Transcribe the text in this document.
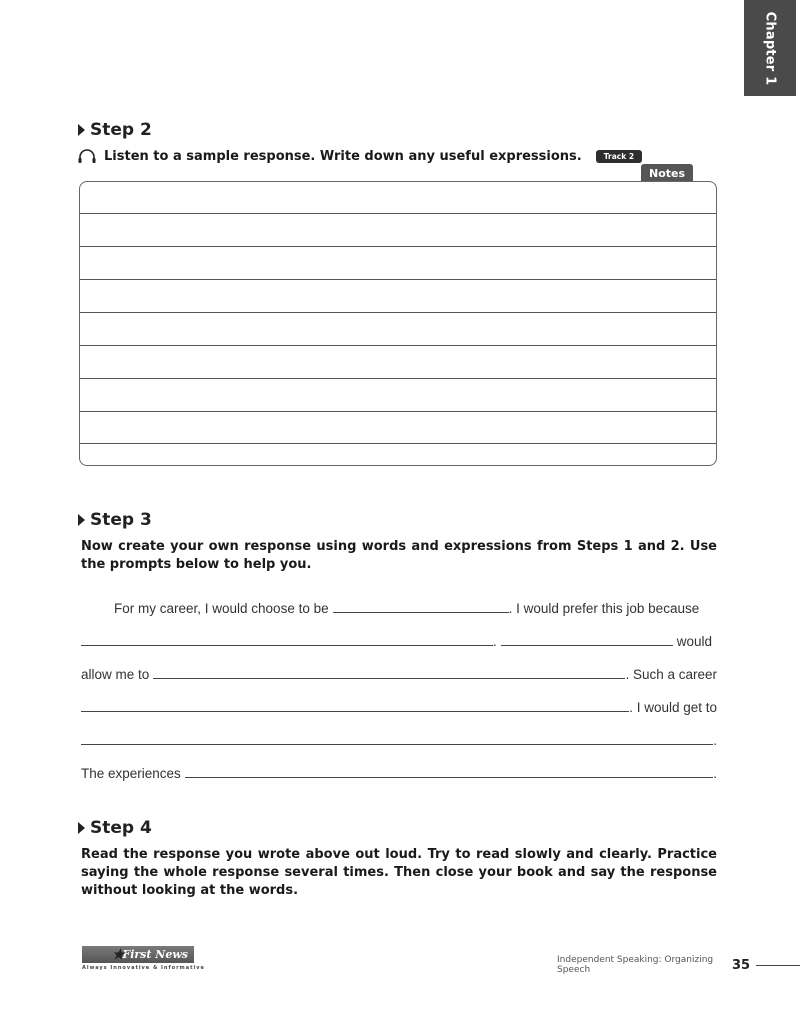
Chapter 1
Step 2
Listen to a sample response. Write down any useful expressions.	Track 2
Notes
Step 3
Now create your own response using words and expressions from Steps 1 and 2. Use the prompts below to help you.
For my career, I would choose to be	. I would prefer this job because
.	would
allow me to	. Such a career
. I would get to
.
The experiences	.
Step 4
Read the response you wrote above out loud. Try to read slowly and clearly. Practice saying the whole response several times. Then close your book and say the response without looking at the words.
★
First News
Always Innovative & Informative
Independent Speaking: Organizing Speech	35
